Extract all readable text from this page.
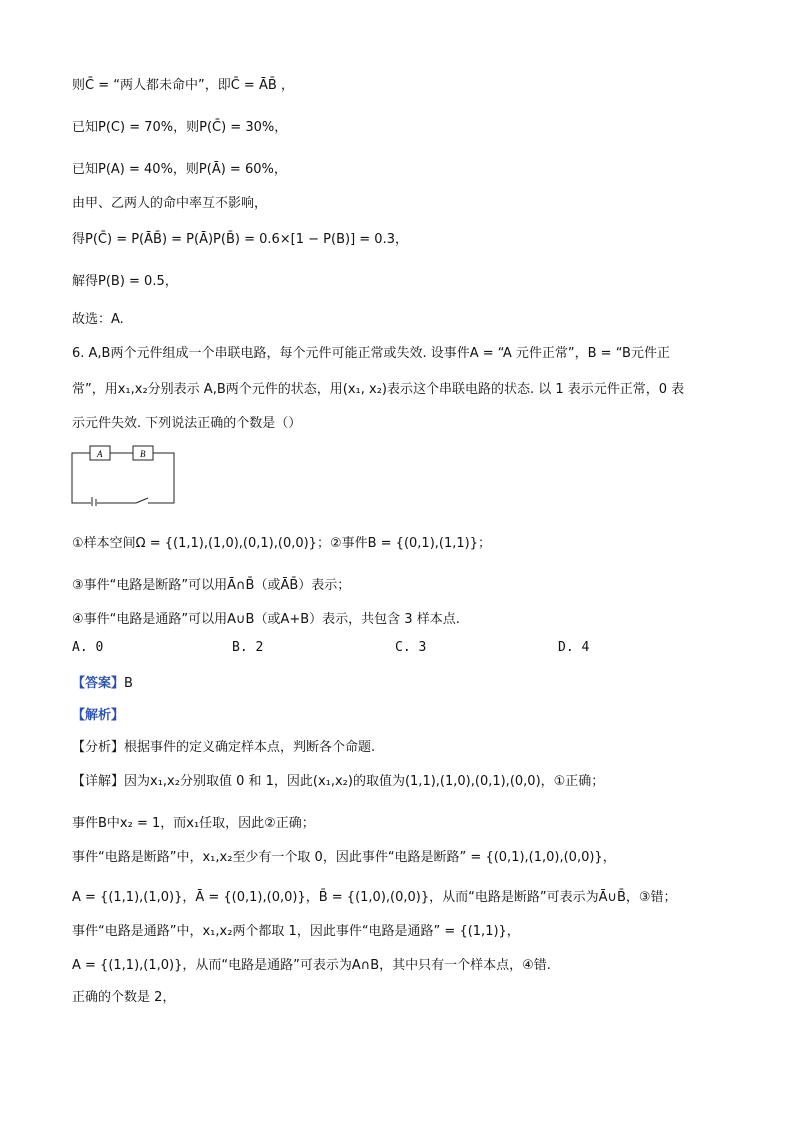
则C̄ = “两人都未命中”，即C̄ = ĀB̄ ，
已知P(C) = 70%，则P(C̄) = 30%，
已知P(A) = 40%，则P(Ā) = 60%，
由甲、乙两人的命中率互不影响，
得P(C̄) = P(ĀB̄) = P(Ā)P(B̄) = 0.6×[1 − P(B)] = 0.3，
解得P(B) = 0.5，
故选：A.
6. A,B两个元件组成一个串联电路，每个元件可能正常或失效. 设事件A = “A 元件正常”，B = “B元件正
常”，用x₁,x₂分别表示 A,B两个元件的状态，用(x₁, x₂)表示这个串联电路的状态. 以 1 表示元件正常，0 表
示元件失效. 下列说法正确的个数是（）
A	B
①样本空间Ω = {(1,1),(1,0),(0,1),(0,0)}；②事件B = {(0,1),(1,1)}；
③事件“电路是断路”可以用Ā∩B̄（或ĀB̄）表示；
④事件“电路是通路”可以用A∪B（或A+B）表示，共包含 3 样本点.
A. 0	B. 2	C. 3	D. 4
【答案】B
【解析】
【分析】根据事件的定义确定样本点，判断各个命题.
【详解】因为x₁,x₂分别取值 0 和 1，因此(x₁,x₂)的取值为(1,1),(1,0),(0,1),(0,0)，①正确；
事件B中x₂ = 1，而x₁任取，因此②正确；
事件“电路是断路”中，x₁,x₂至少有一个取 0，因此事件“电路是断路” = {(0,1),(1,0),(0,0)}，
A = {(1,1),(1,0)}，Ā = {(0,1),(0,0)}，B̄ = {(1,0),(0,0)}，从而“电路是断路”可表示为Ā∪B̄，③错；
事件“电路是通路”中，x₁,x₂两个都取 1，因此事件“电路是通路” = {(1,1)}，
A = {(1,1),(1,0)}，从而“电路是通路”可表示为A∩B，其中只有一个样本点，④错.
正确的个数是 2，
